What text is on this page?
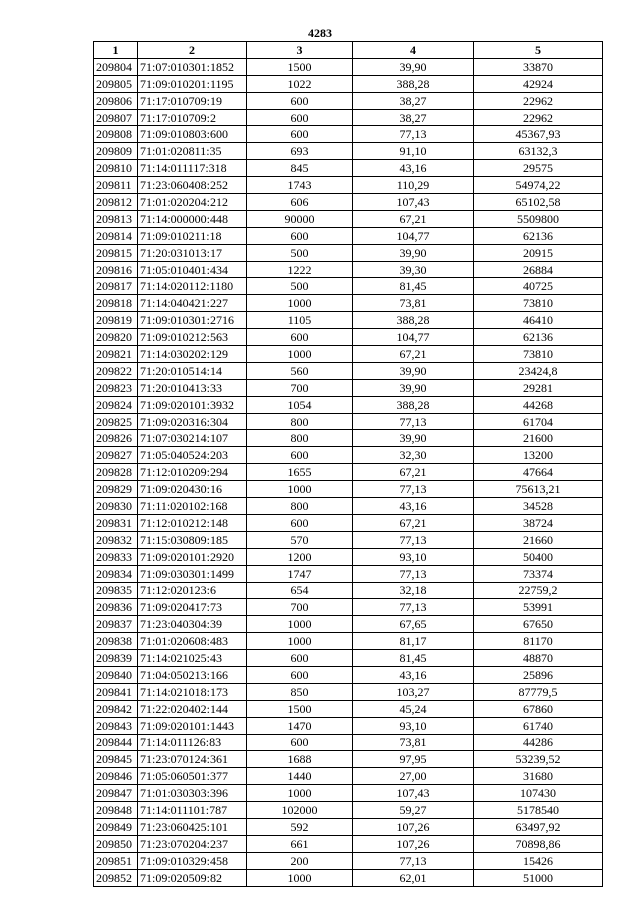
4283
1	2	3	4	5
209804	71:07:010301:1852	1500	39,90	33870
209805	71:09:010201:1195	1022	388,28	42924
209806	71:17:010709:19	600	38,27	22962
209807	71:17:010709:2	600	38,27	22962
209808	71:09:010803:600	600	77,13	45367,93
209809	71:01:020811:35	693	91,10	63132,3
209810	71:14:011117:318	845	43,16	29575
209811	71:23:060408:252	1743	110,29	54974,22
209812	71:01:020204:212	606	107,43	65102,58
209813	71:14:000000:448	90000	67,21	5509800
209814	71:09:010211:18	600	104,77	62136
209815	71:20:031013:17	500	39,90	20915
209816	71:05:010401:434	1222	39,30	26884
209817	71:14:020112:1180	500	81,45	40725
209818	71:14:040421:227	1000	73,81	73810
209819	71:09:010301:2716	1105	388,28	46410
209820	71:09:010212:563	600	104,77	62136
209821	71:14:030202:129	1000	67,21	73810
209822	71:20:010514:14	560	39,90	23424,8
209823	71:20:010413:33	700	39,90	29281
209824	71:09:020101:3932	1054	388,28	44268
209825	71:09:020316:304	800	77,13	61704
209826	71:07:030214:107	800	39,90	21600
209827	71:05:040524:203	600	32,30	13200
209828	71:12:010209:294	1655	67,21	47664
209829	71:09:020430:16	1000	77,13	75613,21
209830	71:11:020102:168	800	43,16	34528
209831	71:12:010212:148	600	67,21	38724
209832	71:15:030809:185	570	77,13	21660
209833	71:09:020101:2920	1200	93,10	50400
209834	71:09:030301:1499	1747	77,13	73374
209835	71:12:020123:6	654	32,18	22759,2
209836	71:09:020417:73	700	77,13	53991
209837	71:23:040304:39	1000	67,65	67650
209838	71:01:020608:483	1000	81,17	81170
209839	71:14:021025:43	600	81,45	48870
209840	71:04:050213:166	600	43,16	25896
209841	71:14:021018:173	850	103,27	87779,5
209842	71:22:020402:144	1500	45,24	67860
209843	71:09:020101:1443	1470	93,10	61740
209844	71:14:011126:83	600	73,81	44286
209845	71:23:070124:361	1688	97,95	53239,52
209846	71:05:060501:377	1440	27,00	31680
209847	71:01:030303:396	1000	107,43	107430
209848	71:14:011101:787	102000	59,27	5178540
209849	71:23:060425:101	592	107,26	63497,92
209850	71:23:070204:237	661	107,26	70898,86
209851	71:09:010329:458	200	77,13	15426
209852	71:09:020509:82	1000	62,01	51000
